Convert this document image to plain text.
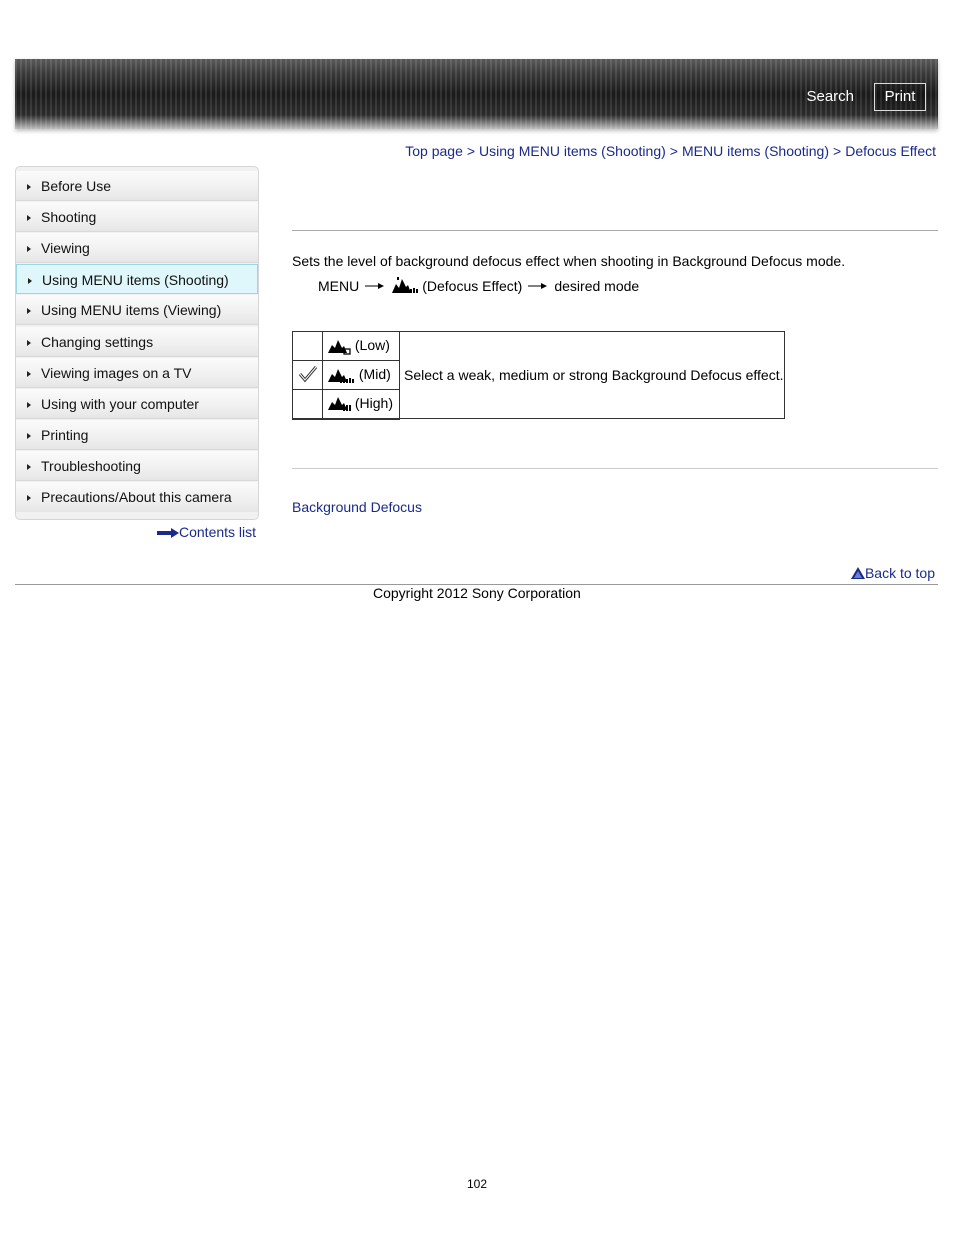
Search	Print
Top page > Using MENU items (Shooting) > MENU items (Shooting) > Defocus Effect
Before Use
Shooting
Viewing
Using MENU items (Shooting)
Using MENU items (Viewing)
Changing settings
Viewing images on a TV
Using with your computer
Printing
Troubleshooting
Precautions/About this camera
Contents list
Sets the level of background defocus effect when shooting in Background Defocus mode.
MENU	(Defocus Effect) desired mode
	(Low)	Select a weak, medium or strong Background Defocus effect.
	(Mid)	
	(High)	
Background Defocus
Back to top
Copyright 2012 Sony Corporation
102
